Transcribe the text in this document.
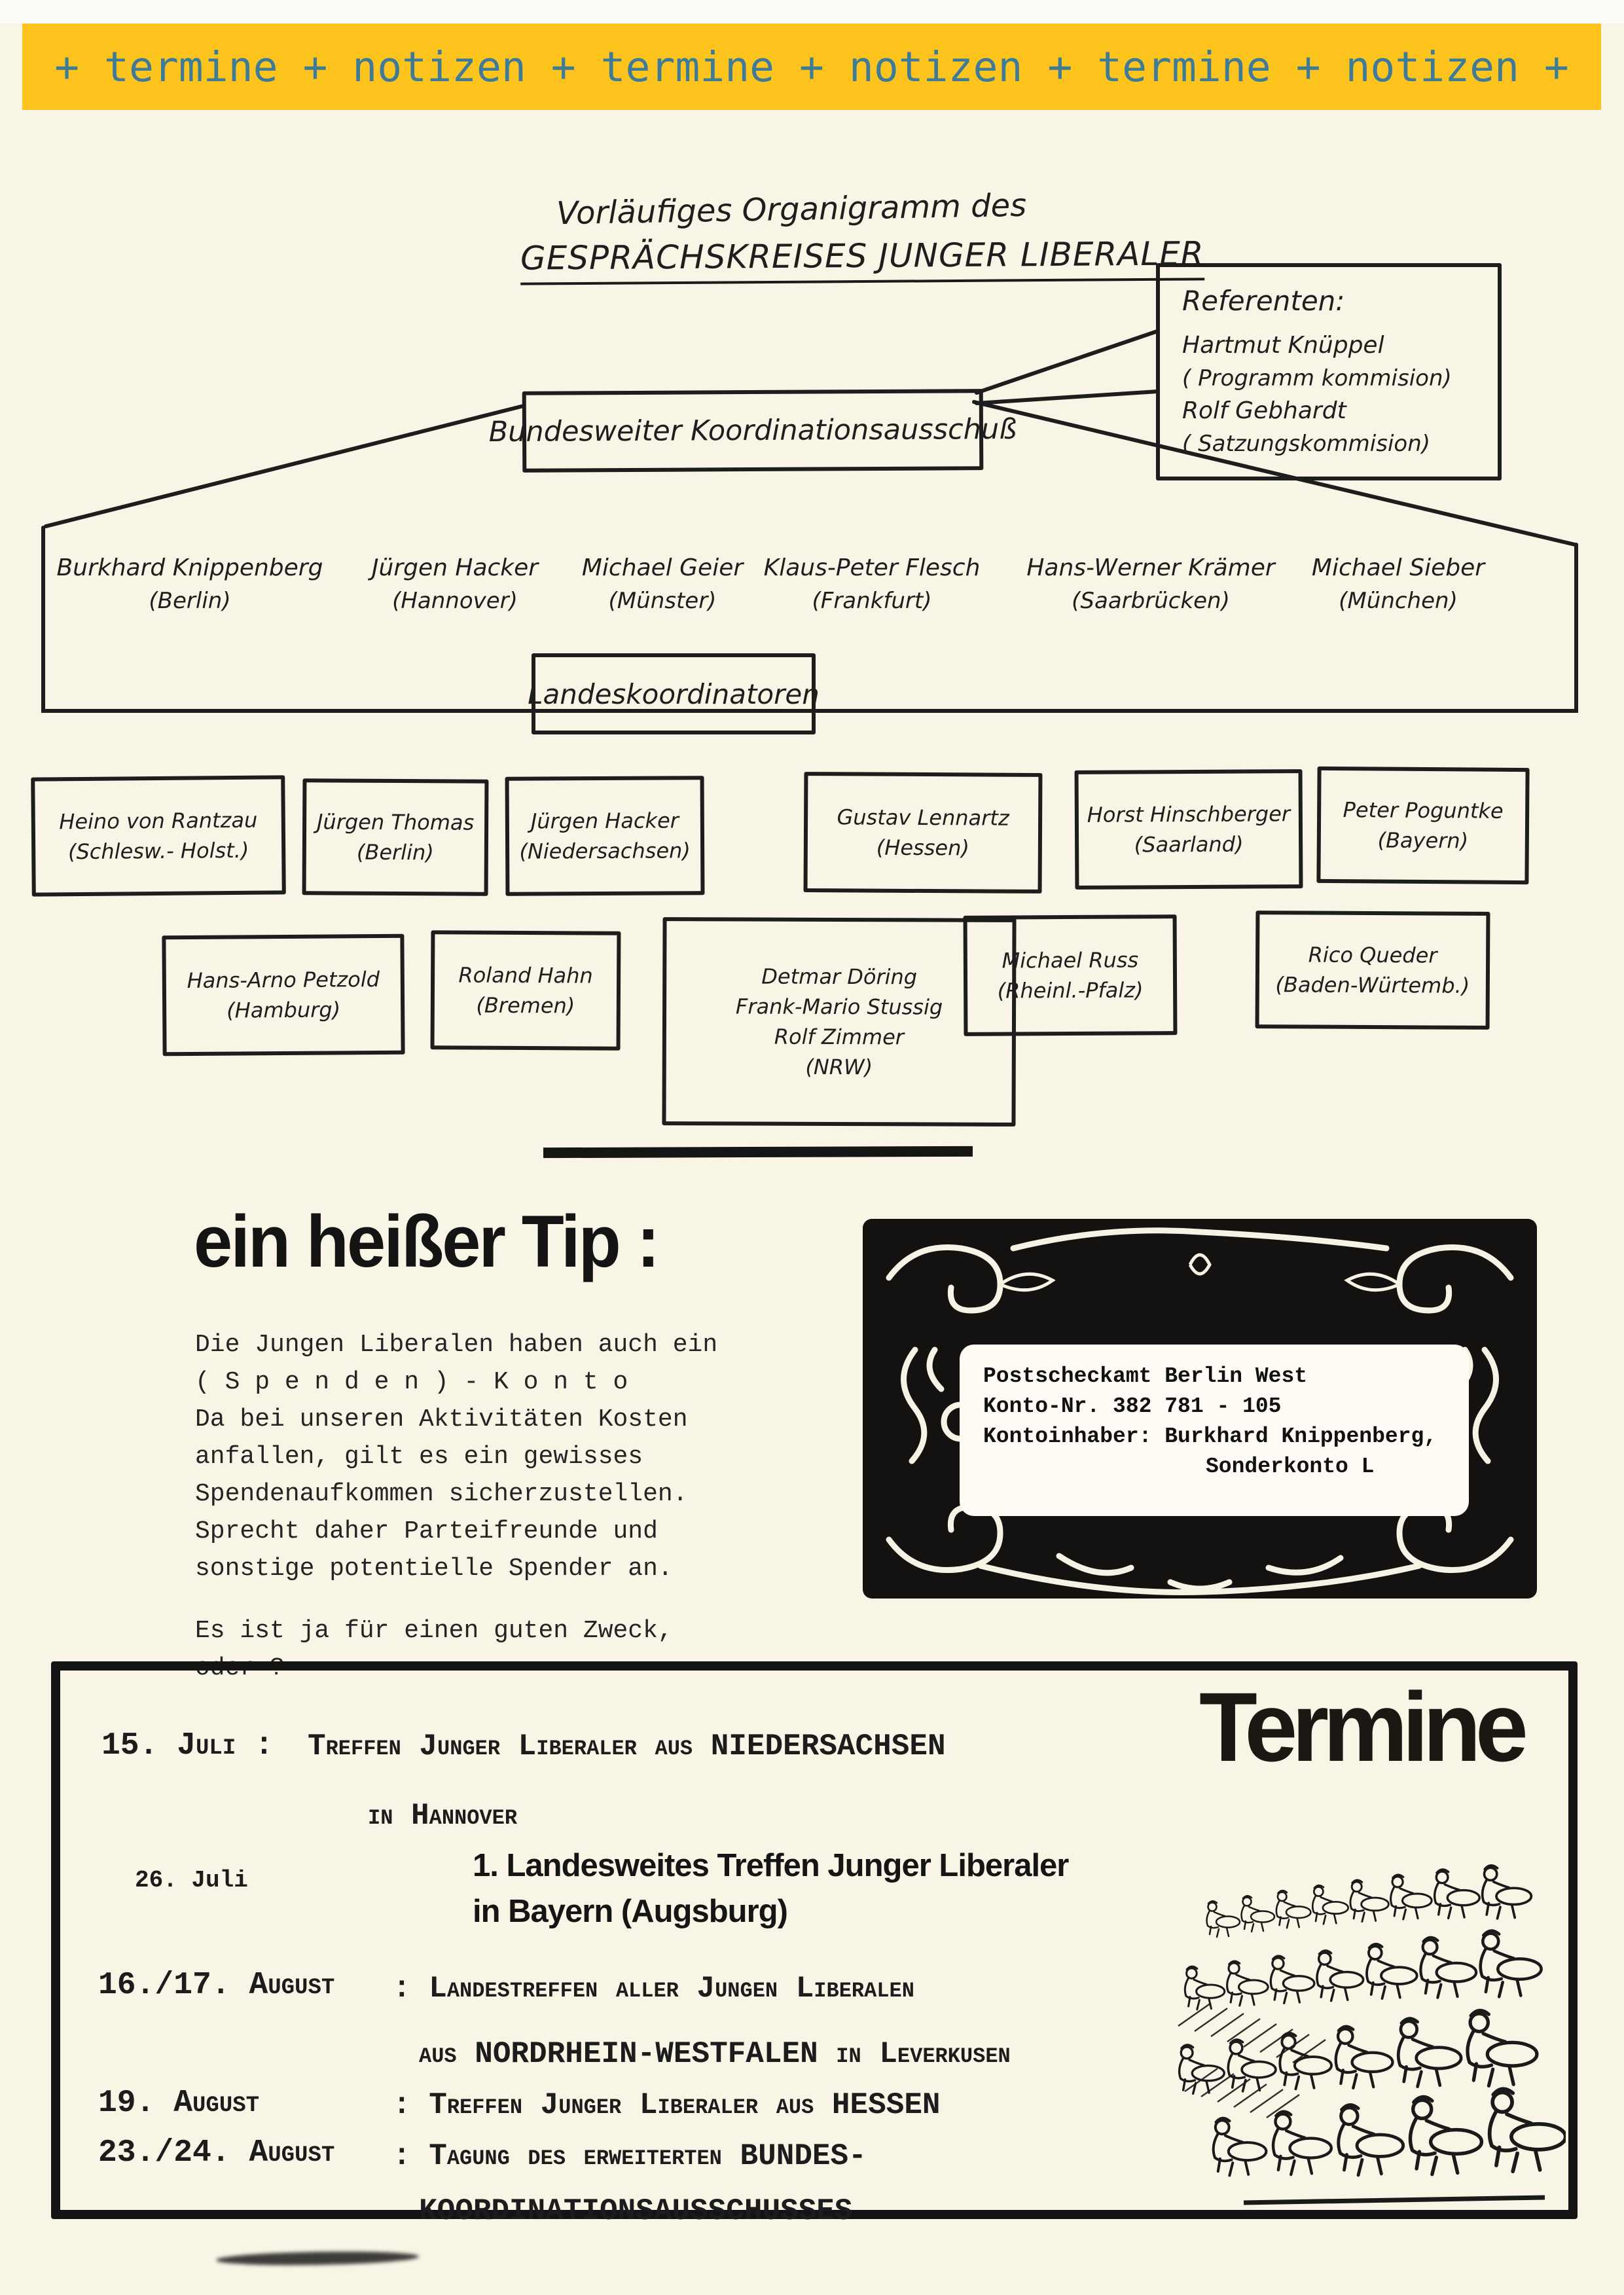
+ termine + notizen + termine + notizen + termine + notizen +
Vorläufiges Organigramm des
GESPRÄCHSKREISES JUNGER LIBERALER
Referenten:
Hartmut Knüppel
( Programm kommision)
Rolf Gebhardt
( Satzungskommision)
Bundesweiter Koordinationsausschuß
Burkhard Knippenberg
(Berlin)
Jürgen Hacker
(Hannover)
Michael Geier
(Münster)
Klaus-Peter Flesch
(Frankfurt)
Hans-Werner Krämer
(Saarbrücken)
Michael Sieber
(München)
Landeskoordinatoren
Heino von Rantzau
(Schlesw.- Holst.)
Jürgen Thomas
(Berlin)
Jürgen Hacker
(Niedersachsen)
Gustav Lennartz
(Hessen)
Horst Hinschberger
(Saarland)
Peter Poguntke
(Bayern)
Hans-Arno Petzold
(Hamburg)
Roland Hahn
(Bremen)
Detmar Döring
Frank-Mario Stussig
Rolf Zimmer
(NRW)
Michael Russ
(Rheinl.-Pfalz)
Rico Queder
(Baden-Würtemb.)
ein heißer Tip :
Die Jungen Liberalen haben auch ein
( S p e n d e n ) - K o n t o
Da bei unseren Aktivitäten Kosten
anfallen, gilt es ein gewisses
Spendenaufkommen sicherzustellen.
Sprecht daher Parteifreunde und
sonstige potentielle Spender an.
Es ist ja für einen guten Zweck,
oder ?
Postscheckamt Berlin West
Konto-Nr. 382 781 - 105
Kontoinhaber: Burkhard Knippenberg,
Sonderkonto L
Termine
15. Juli : Treffen Junger Liberaler aus NIEDERSACHSEN
in Hannover
26. Juli	1. Landesweites Treffen Junger Liberaler
in Bayern (Augsburg)
16./17. August : Landestreffen aller Jungen Liberalen
aus NORDRHEIN-WESTFALEN in Leverkusen
19. August	: Treffen Junger Liberaler aus HESSEN
23./24. August : Tagung des erweiterten BUNDES-
KOORDINATIONSAUSSCHUSSES
